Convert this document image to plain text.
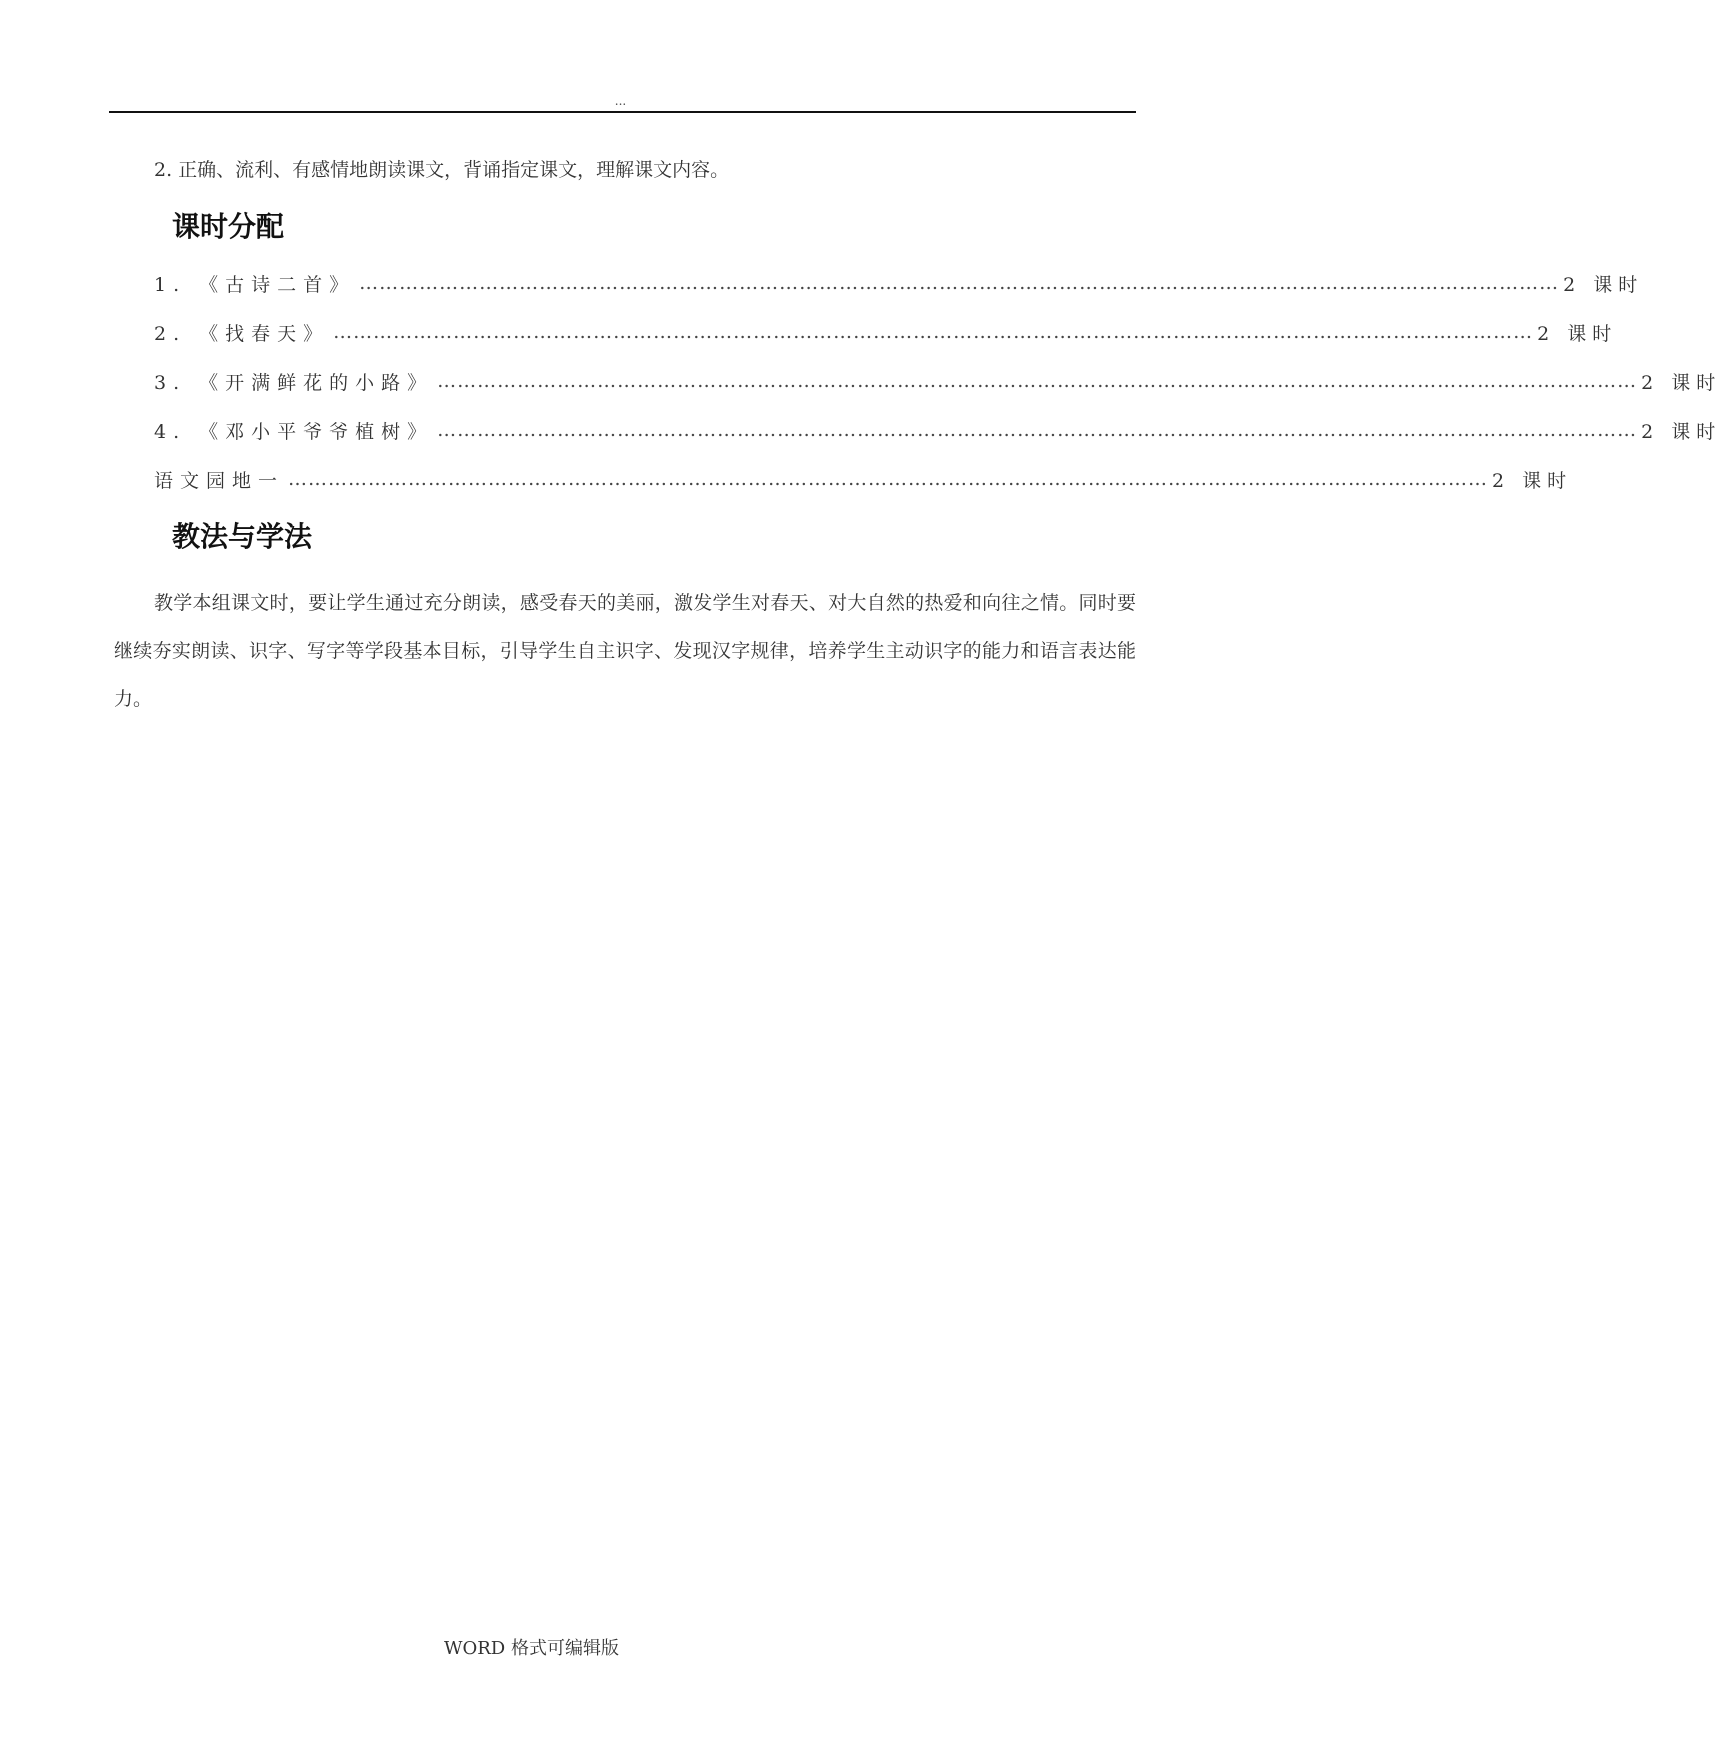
...
2. 正确、流利、有感情地朗读课文，背诵指定课文，理解课文内容。
课时分配
1. 《古诗二首》 ……………………………………………………………………………………………………………………………………………………………… 2 课时
2. 《找春天》 ……………………………………………………………………………………………………………………………………………………………… 2 课时
3. 《开满鲜花的小路》 ……………………………………………………………………………………………………………………………………………………………… 2 课时
4. 《邓小平爷爷植树》 ……………………………………………………………………………………………………………………………………………………………… 2 课时
语文园地一 ……………………………………………………………………………………………………………………………………………………………… 2 课时
教法与学法
教学本组课文时，要让学生通过充分朗读，感受春天的美丽，激发学生对春天、对大自然的热爱和向往之情。同时要继续夯实朗读、识字、写字等学段基本目标，引导学生自主识字、发现汉字规律，培养学生主动识字的能力和语言表达能力。
WORD 格式可编辑版
